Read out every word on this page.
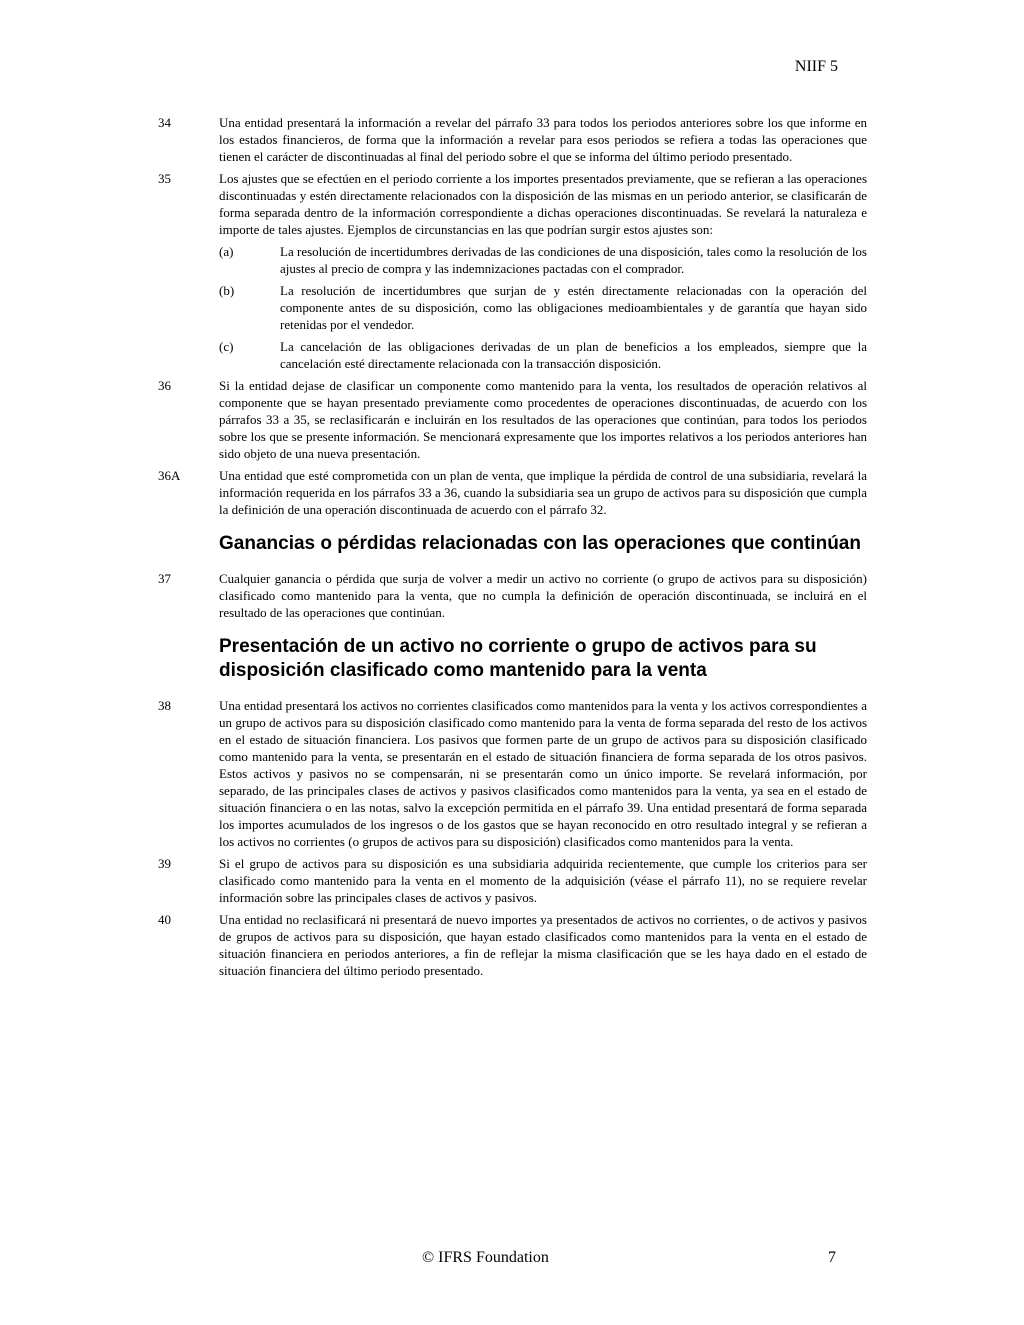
NIIF 5
34	Una entidad presentará la información a revelar del párrafo 33 para todos los periodos anteriores sobre los que informe en los estados financieros, de forma que la información a revelar para esos periodos se refiera a todas las operaciones que tienen el carácter de discontinuadas al final del periodo sobre el que se informa del último periodo presentado.
35	Los ajustes que se efectúen en el periodo corriente a los importes presentados previamente, que se refieran a las operaciones discontinuadas y estén directamente relacionados con la disposición de las mismas en un periodo anterior, se clasificarán de forma separada dentro de la información correspondiente a dichas operaciones discontinuadas. Se revelará la naturaleza e importe de tales ajustes. Ejemplos de circunstancias en las que podrían surgir estos ajustes son:
(a)	La resolución de incertidumbres derivadas de las condiciones de una disposición, tales como la resolución de los ajustes al precio de compra y las indemnizaciones pactadas con el comprador.
(b)	La resolución de incertidumbres que surjan de y estén directamente relacionadas con la operación del componente antes de su disposición, como las obligaciones medioambientales y de garantía que hayan sido retenidas por el vendedor.
(c)	La cancelación de las obligaciones derivadas de un plan de beneficios a los empleados, siempre que la cancelación esté directamente relacionada con la transacción disposición.
36	Si la entidad dejase de clasificar un componente como mantenido para la venta, los resultados de operación relativos al componente que se hayan presentado previamente como procedentes de operaciones discontinuadas, de acuerdo con los párrafos 33 a 35, se reclasificarán e incluirán en los resultados de las operaciones que continúan, para todos los periodos sobre los que se presente información. Se mencionará expresamente que los importes relativos a los periodos anteriores han sido objeto de una nueva presentación.
36A	Una entidad que esté comprometida con un plan de venta, que implique la pérdida de control de una subsidiaria, revelará la información requerida en los párrafos 33 a 36, cuando la subsidiaria sea un grupo de activos para su disposición que cumpla la definición de una operación discontinuada de acuerdo con el párrafo 32.
Ganancias o pérdidas relacionadas con las operaciones que continúan
37	Cualquier ganancia o pérdida que surja de volver a medir un activo no corriente (o grupo de activos para su disposición) clasificado como mantenido para la venta, que no cumpla la definición de operación discontinuada, se incluirá en el resultado de las operaciones que continúan.
Presentación de un activo no corriente o grupo de activos para su disposición clasificado como mantenido para la venta
38	Una entidad presentará los activos no corrientes clasificados como mantenidos para la venta y los activos correspondientes a un grupo de activos para su disposición clasificado como mantenido para la venta de forma separada del resto de los activos en el estado de situación financiera. Los pasivos que formen parte de un grupo de activos para su disposición clasificado como mantenido para la venta, se presentarán en el estado de situación financiera de forma separada de los otros pasivos. Estos activos y pasivos no se compensarán, ni se presentarán como un único importe. Se revelará información, por separado, de las principales clases de activos y pasivos clasificados como mantenidos para la venta, ya sea en el estado de situación financiera o en las notas, salvo la excepción permitida en el párrafo 39. Una entidad presentará de forma separada los importes acumulados de los ingresos o de los gastos que se hayan reconocido en otro resultado integral y se refieran a los activos no corrientes (o grupos de activos para su disposición) clasificados como mantenidos para la venta.
39	Si el grupo de activos para su disposición es una subsidiaria adquirida recientemente, que cumple los criterios para ser clasificado como mantenido para la venta en el momento de la adquisición (véase el párrafo 11), no se requiere revelar información sobre las principales clases de activos y pasivos.
40	Una entidad no reclasificará ni presentará de nuevo importes ya presentados de activos no corrientes, o de activos y pasivos de grupos de activos para su disposición, que hayan estado clasificados como mantenidos para la venta en el estado de situación financiera en periodos anteriores, a fin de reflejar la misma clasificación que se les haya dado en el estado de situación financiera del último periodo presentado.
© IFRS Foundation	7
